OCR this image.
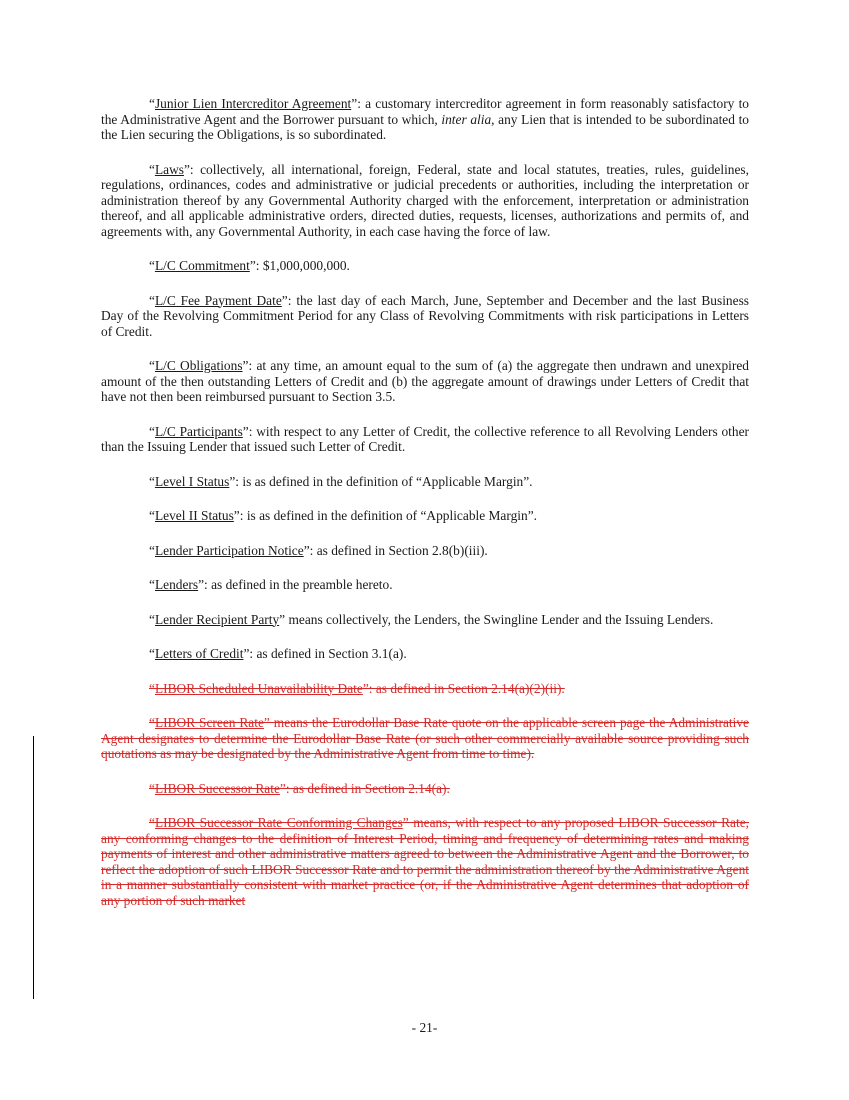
“Junior Lien Intercreditor Agreement”: a customary intercreditor agreement in form reasonably satisfactory to the Administrative Agent and the Borrower pursuant to which, inter alia, any Lien that is intended to be subordinated to the Lien securing the Obligations, is so subordinated.

“Laws”: collectively, all international, foreign, Federal, state and local statutes, treaties, rules, guidelines, regulations, ordinances, codes and administrative or judicial precedents or authorities, including the interpretation or administration thereof by any Governmental Authority charged with the enforcement, interpretation or administration thereof, and all applicable administrative orders, directed duties, requests, licenses, authorizations and permits of, and agreements with, any Governmental Authority, in each case having the force of law.

“L/C Commitment”: $1,000,000,000.

“L/C Fee Payment Date”: the last day of each March, June, September and December and the last Business Day of the Revolving Commitment Period for any Class of Revolving Commitments with risk participations in Letters of Credit.

“L/C Obligations”: at any time, an amount equal to the sum of (a) the aggregate then undrawn and unexpired amount of the then outstanding Letters of Credit and (b) the aggregate amount of drawings under Letters of Credit that have not then been reimbursed pursuant to Section 3.5.

“L/C Participants”: with respect to any Letter of Credit, the collective reference to all Revolving Lenders other than the Issuing Lender that issued such Letter of Credit.

“Level I Status”: is as defined in the definition of “Applicable Margin”.

“Level II Status”: is as defined in the definition of “Applicable Margin”.

“Lender Participation Notice”: as defined in Section 2.8(b)(iii).

“Lenders”: as defined in the preamble hereto.

“Lender Recipient Party” means collectively, the Lenders, the Swingline Lender and the Issuing Lenders.

“Letters of Credit”: as defined in Section 3.1(a).

“LIBOR Scheduled Unavailability Date”: as defined in Section 2.14(a)(2)(ii).

“LIBOR Screen Rate” means the Eurodollar Base Rate quote on the applicable screen page the Administrative Agent designates to determine the Eurodollar Base Rate (or such other commercially available source providing such quotations as may be designated by the Administrative Agent from time to time).

“LIBOR Successor Rate”: as defined in Section 2.14(a).

“LIBOR Successor Rate Conforming Changes” means, with respect to any proposed LIBOR Successor Rate, any conforming changes to the definition of Interest Period, timing and frequency of determining rates and making payments of interest and other administrative matters agreed to between the Administrative Agent and the Borrower, to reflect the adoption of such LIBOR Successor Rate and to permit the administration thereof by the Administrative Agent in a manner substantially consistent with market practice (or, if the Administrative Agent determines that adoption of any portion of such market

- 21-
